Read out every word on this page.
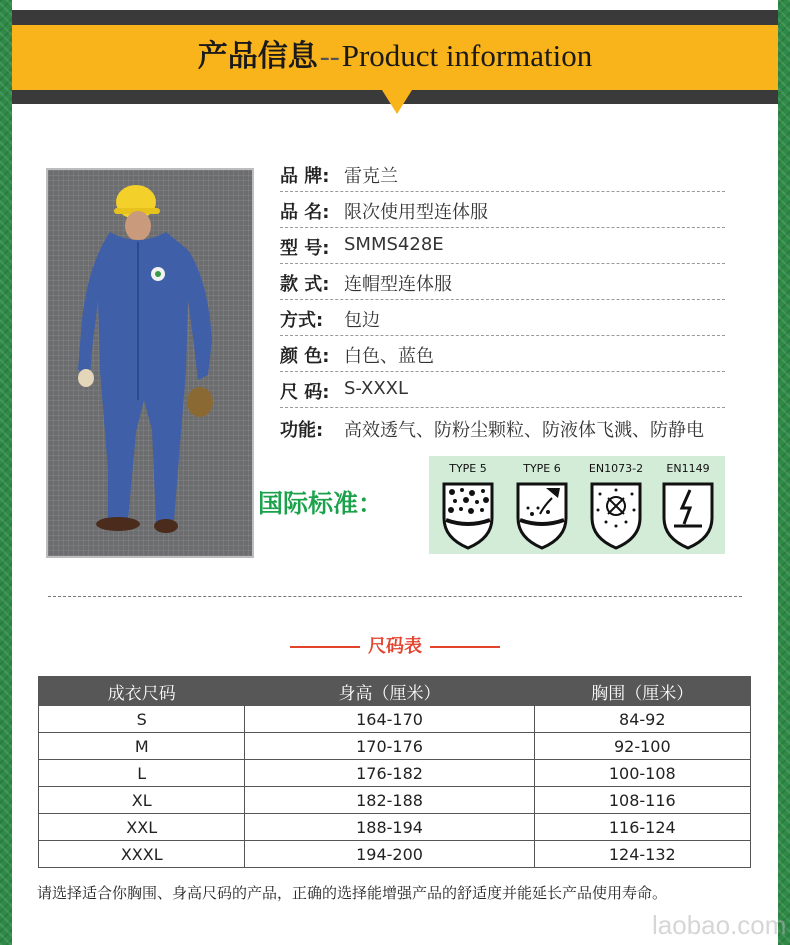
产品信息--Product information
品 牌: 雷克兰
品 名: 限次使用型连体服
型 号: SMMS428E
款 式: 连帽型连体服
方式: 包边
颜 色: 白色、蓝色
尺 码: S-XXXL
功能: 高效透气、防粉尘颗粒、防液体飞溅、防静电
国际标准：
TYPE 5	TYPE 6	EN1073-2	EN1149
尺码表
成衣尺码	身高（厘米）	胸围（厘米）
S	164-170	84-92
M	170-176	92-100
L	176-182	100-108
XL	182-188	108-116
XXL	188-194	116-124
XXXL	194-200	124-132
请选择适合你胸围、身高尺码的产品，正确的选择能增强产品的舒适度并能延长产品使用寿命。
laobao.com
